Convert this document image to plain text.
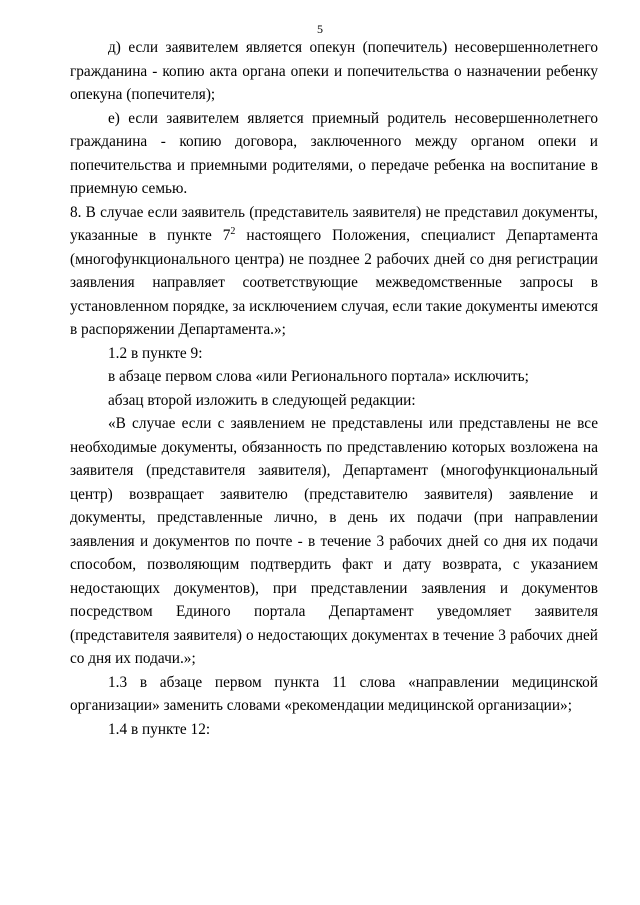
5

д) если заявителем является опекун (попечитель) несовершеннолетнего гражданина - копию акта органа опеки и попечительства о назначении ребенку опекуна (попечителя);

е) если заявителем является приемный родитель несовершеннолетнего гражданина - копию договора, заключенного между органом опеки и попечительства и приемными родителями, о передаче ребенка на воспитание в приемную семью.

8. В случае если заявитель (представитель заявителя) не представил документы, указанные в пункте $7^2$ настоящего Положения, специалист Департамента (многофункционального центра) не позднее 2 рабочих дней со дня регистрации заявления направляет соответствующие межведомственные запросы в установленном порядке, за исключением случая, если такие документы имеются в распоряжении Департамента.»;

1.2 в пункте 9:

в абзаце первом слова «или Регионального портала» исключить;

абзац второй изложить в следующей редакции:

«В случае если с заявлением не представлены или представлены не все необходимые документы, обязанность по представлению которых возложена на заявителя (представителя заявителя), Департамент (многофункциональный центр) возвращает заявителю (представителю заявителя) заявление и документы, представленные лично, в день их подачи (при направлении заявления и документов по почте - в течение 3 рабочих дней со дня их подачи способом, позволяющим подтвердить факт и дату возврата, с указанием недостающих документов), при представлении заявления и документов посредством Единого портала Департамент уведомляет заявителя (представителя заявителя) о недостающих документах в течение 3 рабочих дней со дня их подачи.»;

1.3 в абзаце первом пункта 11 слова «направлении медицинской организации» заменить словами «рекомендации медицинской организации»;

1.4 в пункте 12:
